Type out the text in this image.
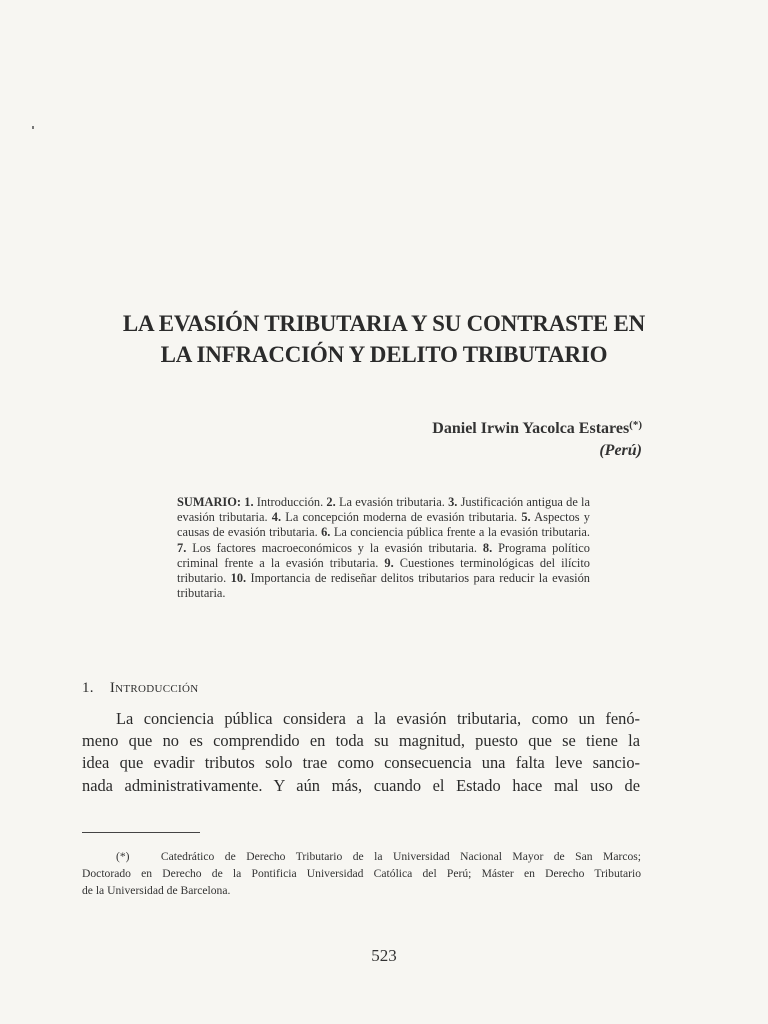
LA EVASIÓN TRIBUTARIA Y SU CONTRASTE EN
LA INFRACCIÓN Y DELITO TRIBUTARIO
Daniel Irwin Yacolca Estares(*)
(Perú)
SUMARIO: 1. Introducción. 2. La evasión tributaria. 3. Justificación antigua de la evasión tributaria. 4. La concepción moderna de evasión tributaria. 5. Aspectos y causas de evasión tributaria. 6. La conciencia pública frente a la evasión tributaria. 7. Los factores macroeconómicos y la evasión tributaria. 8. Programa político criminal frente a la evasión tributaria. 9. Cuestiones terminológicas del ilícito tributario. 10. Importancia de rediseñar delitos tributarios para reducir la evasión tributaria.
1. Introducción
La conciencia pública considera a la evasión tributaria, como un fenó-
meno que no es comprendido en toda su magnitud, puesto que se tiene la
idea que evadir tributos solo trae como consecuencia una falta leve sancio-
nada administrativamente. Y aún más, cuando el Estado hace mal uso de
(*)	Catedrático de Derecho Tributario de la Universidad Nacional Mayor de San Marcos;
Doctorado en Derecho de la Pontificia Universidad Católica del Perú; Máster en Derecho Tributario
de la Universidad de Barcelona.
523
